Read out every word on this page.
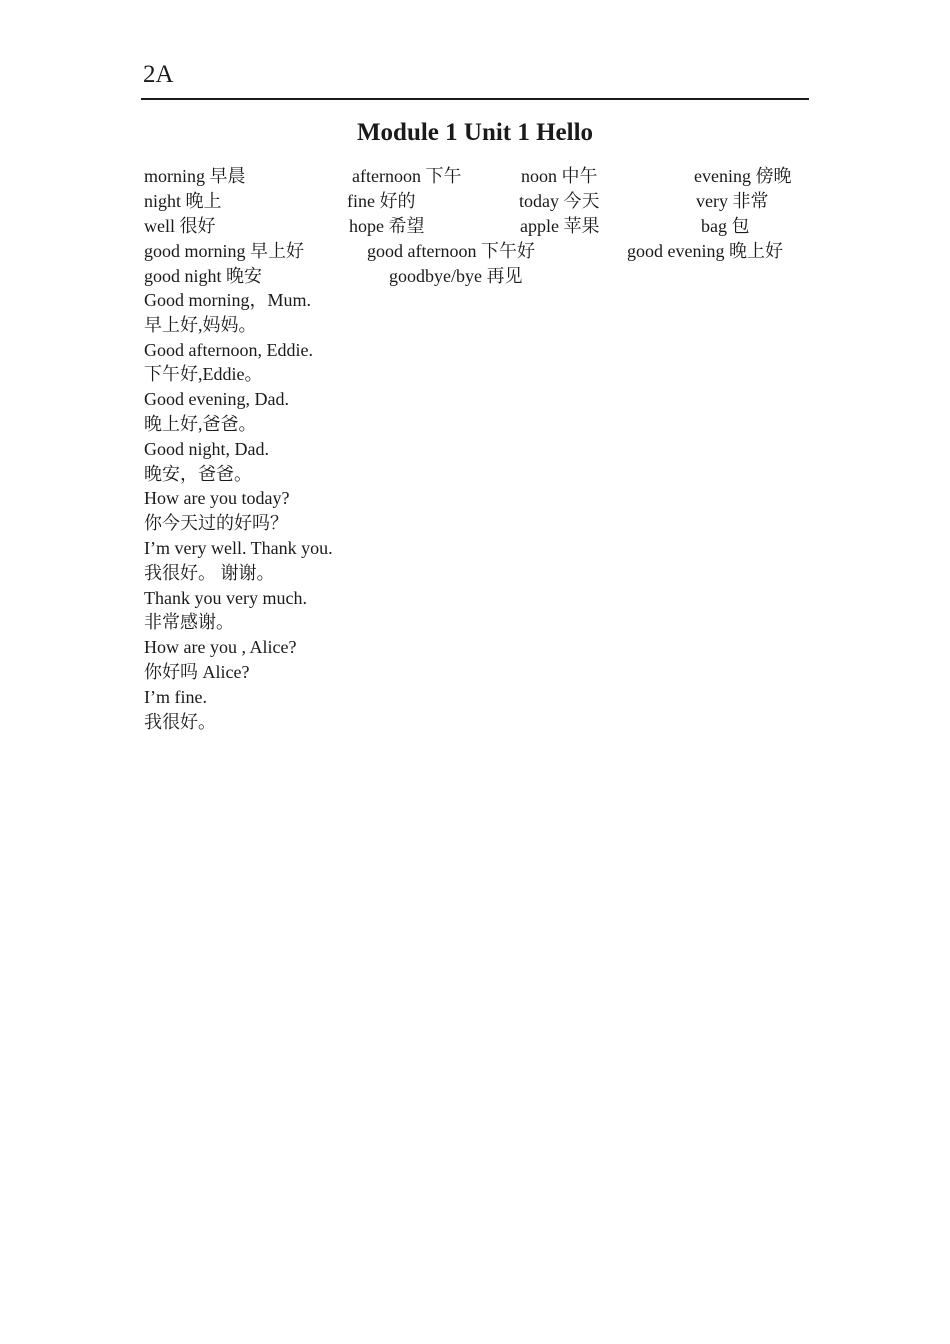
2A
Module 1 Unit 1 Hello
morning 早晨	afternoon 下午	noon 中午	evening 傍晚
night 晚上	fine 好的	today 今天	very 非常
well 很好	hope 希望	apple 苹果	bag 包
good morning 早上好	good afternoon 下午好	good evening 晚上好
good night 晚安	goodbye/bye 再见
Good morning，Mum.
早上好,妈妈。
Good afternoon, Eddie.
下午好,Eddie。
Good evening, Dad.
晚上好,爸爸。
Good night, Dad.
晚安，爸爸。
How are you today?
你今天过的好吗？
I’m very well. Thank you.
我很好。 谢谢。
Thank you very much.
非常感谢。
How are you , Alice?
你好吗 Alice?
I’m fine.
我很好。
